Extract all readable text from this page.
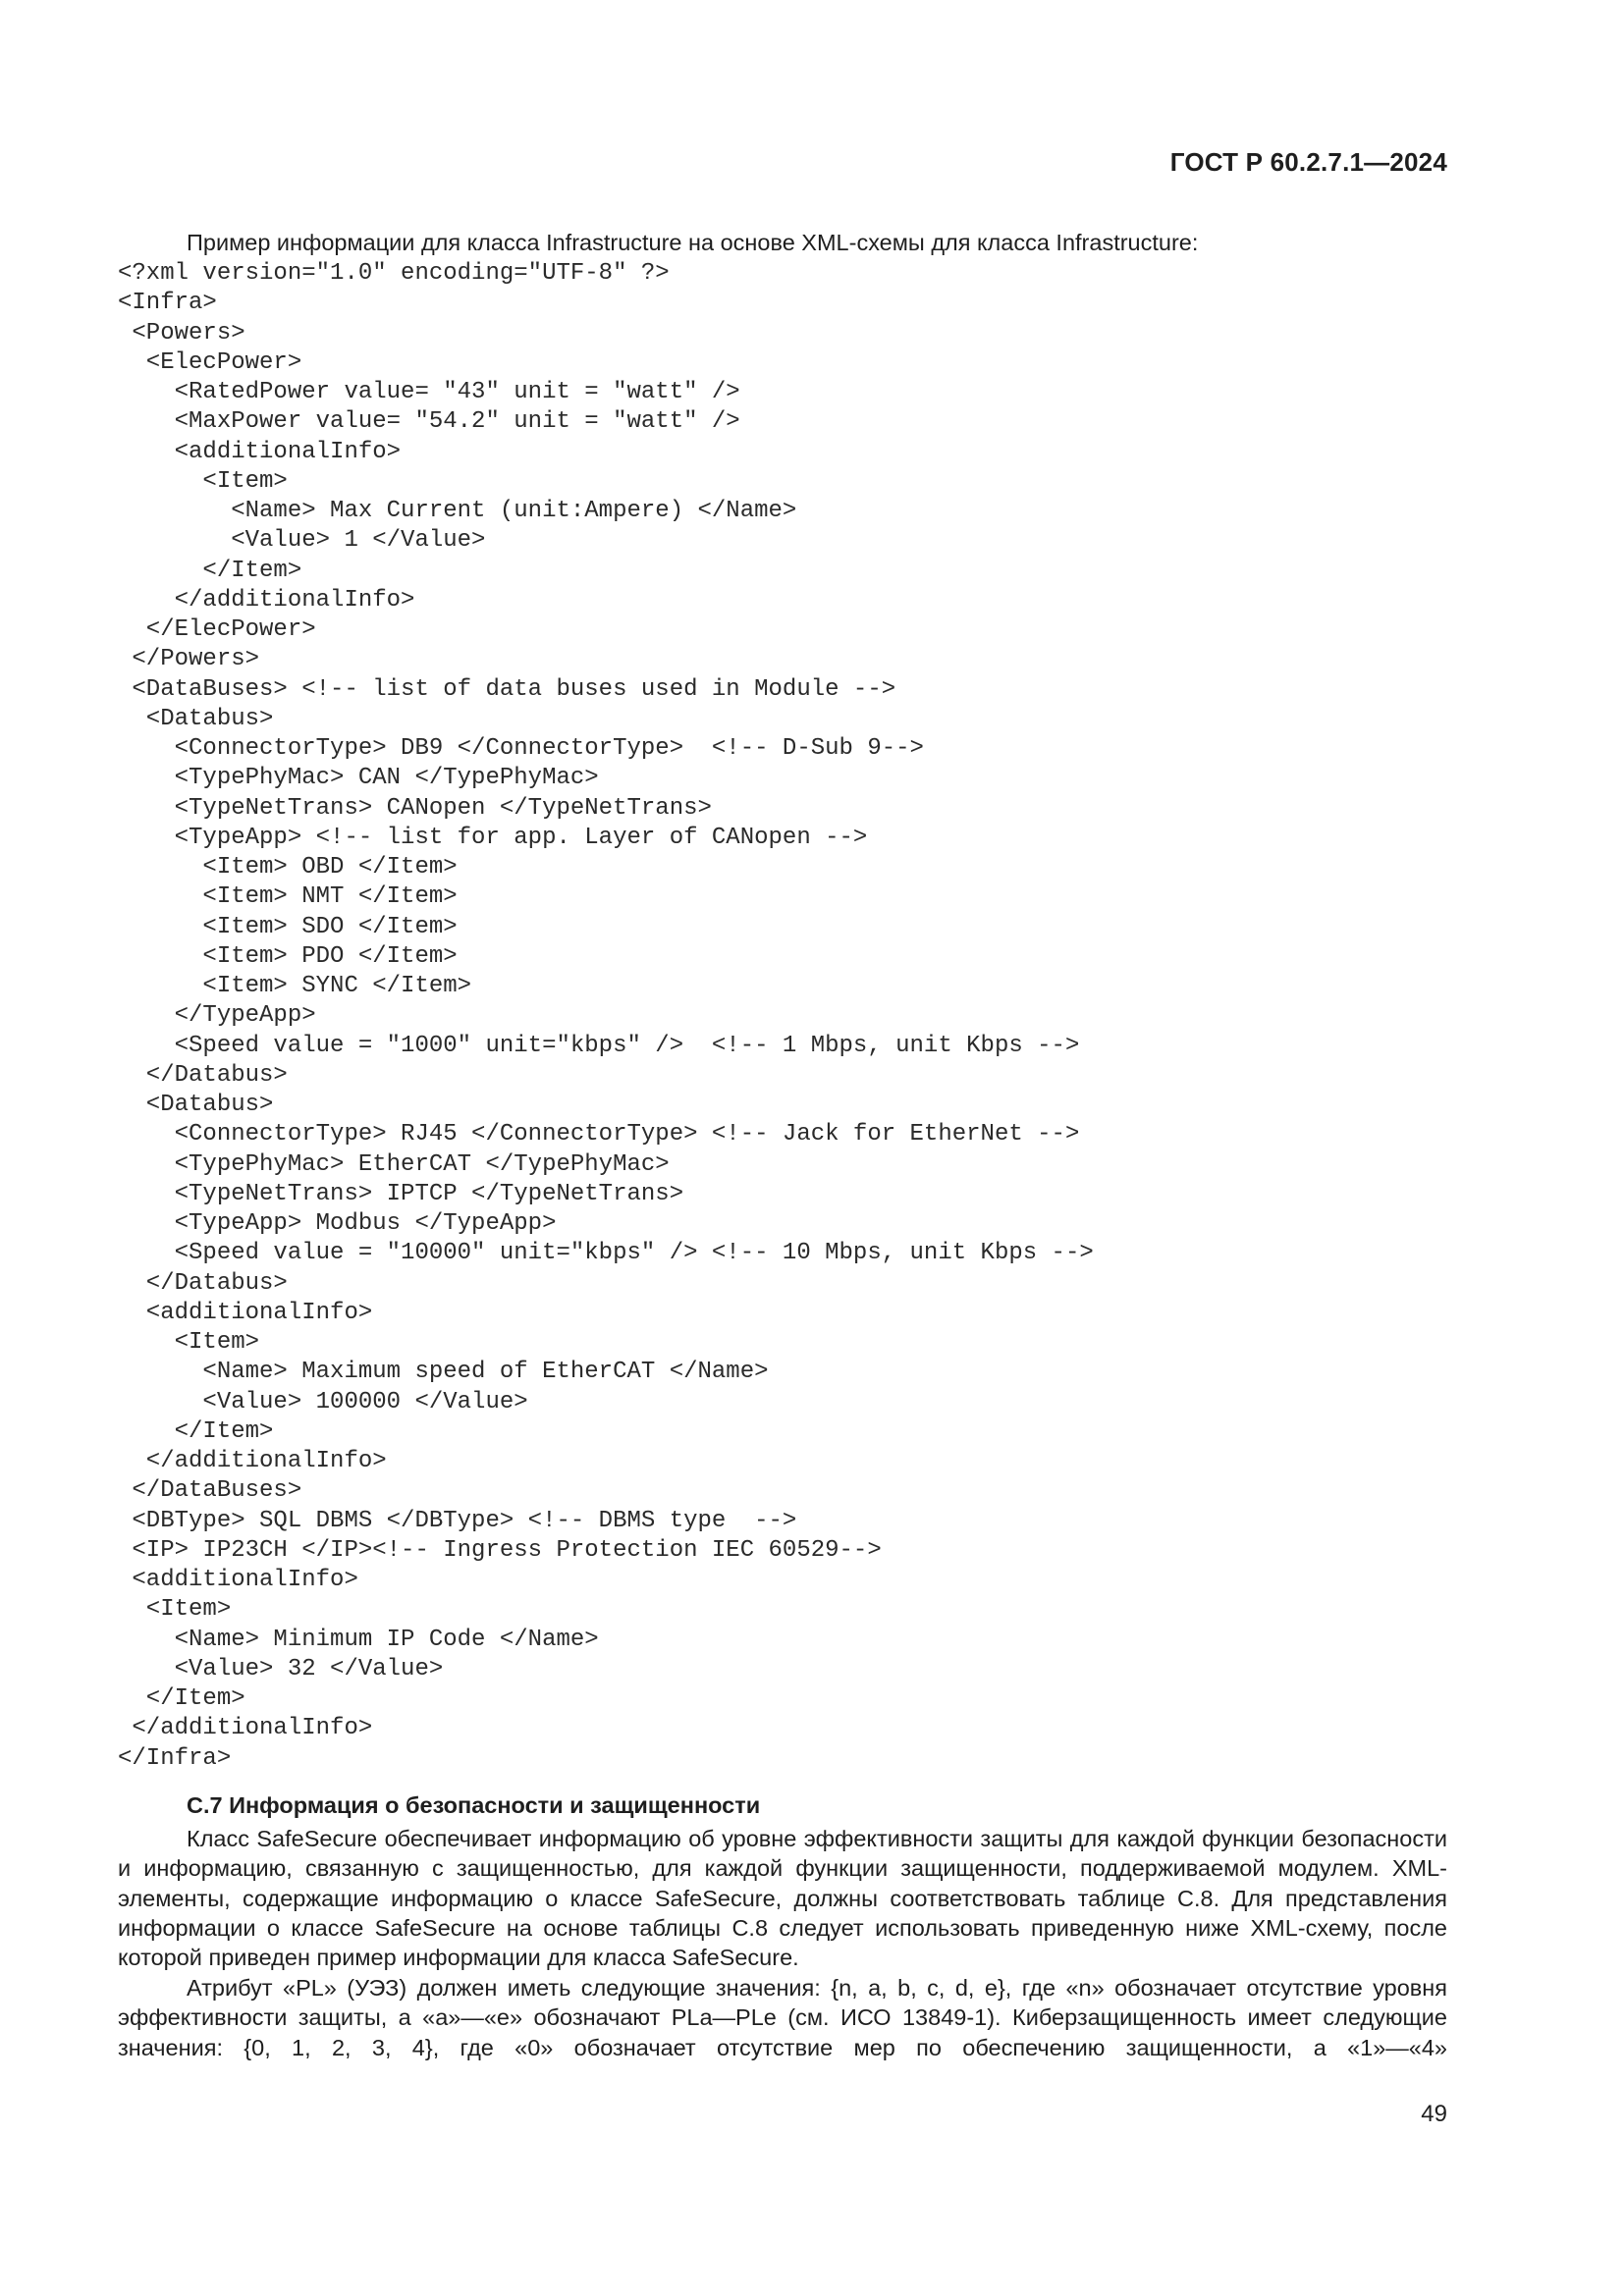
ГОСТ Р 60.2.7.1—2024
Пример информации для класса Infrastructure на основе XML-схемы для класса Infrastructure:
<?xml version="1.0" encoding="UTF-8" ?>
<Infra>
<Powers>
<ElecPower>
<RatedPower value= "43" unit = "watt" />
<MaxPower value= "54.2" unit = "watt" />
<additionalInfo>
<Item>
<Name> Max Current (unit:Ampere) </Name>
<Value> 1 </Value>
</Item>
</additionalInfo>
</ElecPower>
</Powers>
<DataBuses> <!-- list of data buses used in Module -->
<Databus>
<ConnectorType> DB9 </ConnectorType>  <!-- D-Sub 9-->
<TypePhyMac> CAN </TypePhyMac>
<TypeNetTrans> CANopen </TypeNetTrans>
<TypeApp> <!-- list for app. Layer of CANopen -->
<Item> OBD </Item>
<Item> NMT </Item>
<Item> SDO </Item>
<Item> PDO </Item>
<Item> SYNC </Item>
</TypeApp>
<Speed value = "1000" unit="kbps" />  <!-- 1 Mbps, unit Kbps -->
</Databus>
<Databus>
<ConnectorType> RJ45 </ConnectorType> <!-- Jack for EtherNet -->
<TypePhyMac> EtherCAT </TypePhyMac>
<TypeNetTrans> IPTCP </TypeNetTrans>
<TypeApp> Modbus </TypeApp>
<Speed value = "10000" unit="kbps" /> <!-- 10 Mbps, unit Kbps -->
</Databus>
<additionalInfo>
<Item>
<Name> Maximum speed of EtherCAT </Name>
<Value> 100000 </Value>
</Item>
</additionalInfo>
</DataBuses>
<DBType> SQL DBMS </DBType> <!-- DBMS type  -->
<IP> IP23CH </IP><!-- Ingress Protection IEC 60529-->
<additionalInfo>
<Item>
<Name> Minimum IP Code </Name>
<Value> 32 </Value>
</Item>
</additionalInfo>
</Infra>
С.7 Информация о безопасности и защищенности

Класс SafeSecure обеспечивает информацию об уровне эффективности защиты для каждой функции безопасности и информацию, связанную с защищенностью, для каждой функции защищенности, поддерживаемой модулем. XML-элементы, содержащие информацию о классе SafeSecure, должны соответствовать таблице С.8. Для представления информации о классе SafeSecure на основе таблицы С.8 следует использовать приведенную ниже XML-схему, после которой приведен пример информации для класса SafeSecure.

Атрибут «PL» (УЭЗ) должен иметь следующие значения: {n, a, b, c, d, e}, где «n» обозначает отсутствие уровня эффективности защиты, а «а»—«е» обозначают PLa—PLe (см. ИСО 13849-1). Киберзащищенность имеет следующие значения: {0, 1, 2, 3, 4}, где «0» обозначает отсутствие мер по обеспечению защищенности, а «1»—«4»

49
